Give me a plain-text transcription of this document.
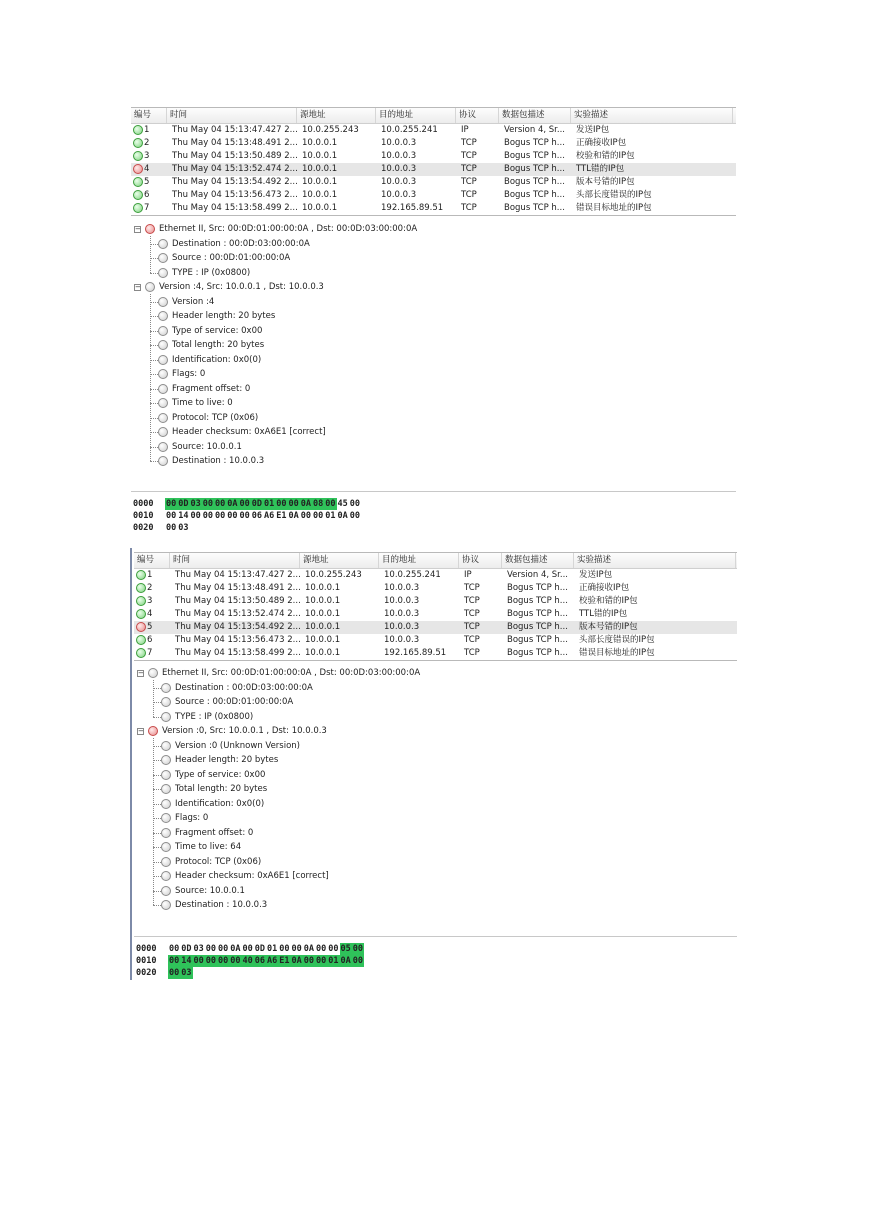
编号	时间	源地址	目的地址	协议	数据包描述	实验描述
1	Thu May 04 15:13:47.427 2... 10.0.255.243	10.0.255.241	IP	Version 4, Sr...	发送IP包
2	Thu May 04 15:13:48.491 2... 10.0.0.1	10.0.0.3	TCP	Bogus TCP h...	正确接收IP包
3	Thu May 04 15:13:50.489 2... 10.0.0.1	10.0.0.3	TCP	Bogus TCP h...	校验和错的IP包
4	Thu May 04 15:13:52.474 2... 10.0.0.1	10.0.0.3	TCP	Bogus TCP h...	TTL错的IP包
5	Thu May 04 15:13:54.492 2... 10.0.0.1	10.0.0.3	TCP	Bogus TCP h...	版本号错的IP包
6	Thu May 04 15:13:56.473 2... 10.0.0.1	10.0.0.3	TCP	Bogus TCP h...	头部长度错误的IP包
7	Thu May 04 15:13:58.499 2... 10.0.0.1	192.165.89.51	TCP	Bogus TCP h...	错误目标地址的IP包
− Ethernet II, Src: 00:0D:01:00:00:0A , Dst: 00:0D:03:00:00:0A
Destination : 00:0D:03:00:00:0A
Source : 00:0D:01:00:00:0A
TYPE : IP (0x0800)
− Version :4, Src: 10.0.0.1 , Dst: 10.0.0.3
Version :4
Header length: 20 bytes
Type of service: 0x00
Total length: 20 bytes
Identification: 0x0(0)
Flags: 0
Fragment offset: 0
Time to live: 0
Protocol: TCP (0x06)
Header checksum: 0xA6E1 [correct]
Source: 10.0.0.1
Destination : 10.0.0.3
0000 00 0D 03 00 00 0A 00 0D 01 00 00 0A 08 00 45 00
0010 00 14 00 00 00 00 00 06 A6 E1 0A 00 00 01 0A 00
0020 00 03
编号	时间	源地址	目的地址	协议	数据包描述	实验描述
1	Thu May 04 15:13:47.427 2... 10.0.255.243	10.0.255.241	IP	Version 4, Sr...	发送IP包
2	Thu May 04 15:13:48.491 2... 10.0.0.1	10.0.0.3	TCP	Bogus TCP h...	正确接收IP包
3	Thu May 04 15:13:50.489 2... 10.0.0.1	10.0.0.3	TCP	Bogus TCP h...	校验和错的IP包
4	Thu May 04 15:13:52.474 2... 10.0.0.1	10.0.0.3	TCP	Bogus TCP h...	TTL错的IP包
5	Thu May 04 15:13:54.492 2... 10.0.0.1	10.0.0.3	TCP	Bogus TCP h...	版本号错的IP包
6	Thu May 04 15:13:56.473 2... 10.0.0.1	10.0.0.3	TCP	Bogus TCP h...	头部长度错误的IP包
7	Thu May 04 15:13:58.499 2... 10.0.0.1	192.165.89.51	TCP	Bogus TCP h...	错误目标地址的IP包
− Ethernet II, Src: 00:0D:01:00:00:0A , Dst: 00:0D:03:00:00:0A
Destination : 00:0D:03:00:00:0A
Source : 00:0D:01:00:00:0A
TYPE : IP (0x0800)
− Version :0, Src: 10.0.0.1 , Dst: 10.0.0.3
Version :0 (Unknown Version)
Header length: 20 bytes
Type of service: 0x00
Total length: 20 bytes
Identification: 0x0(0)
Flags: 0
Fragment offset: 0
Time to live: 64
Protocol: TCP (0x06)
Header checksum: 0xA6E1 [correct]
Source: 10.0.0.1
Destination : 10.0.0.3
0000 00 0D 03 00 00 0A 00 0D 01 00 00 0A 00 00 05 00
0010 00 14 00 00 00 00 40 06 A6 E1 0A 00 00 01 0A 00
0020 00 03
